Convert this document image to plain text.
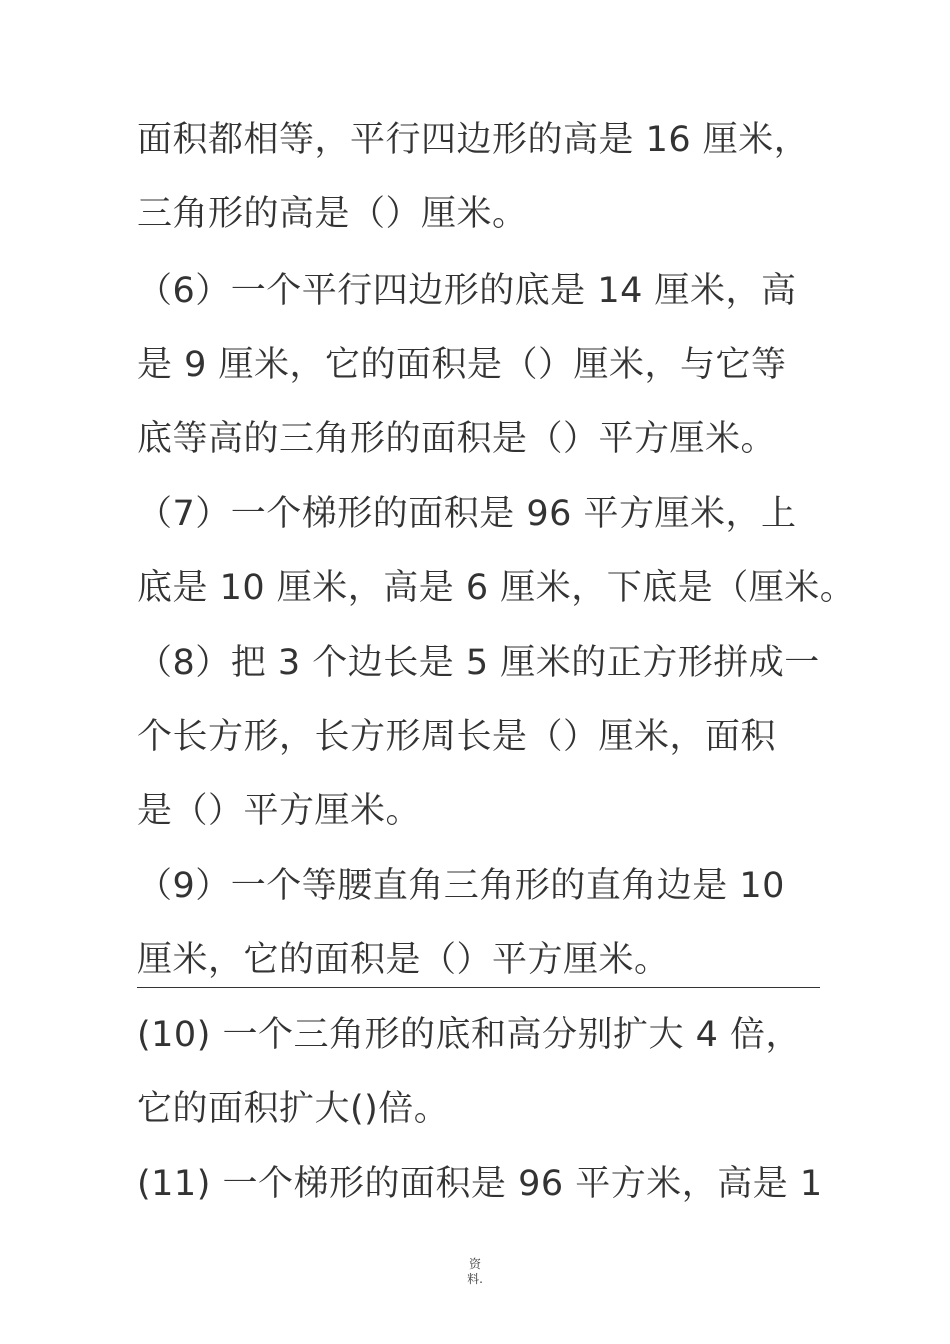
面积都相等，平行四边形的高是 16 厘米，
三角形的高是（）厘米。
（6）一个平行四边形的底是 14 厘米，高
是 9 厘米，它的面积是（）厘米，与它等
底等高的三角形的面积是（）平方厘米。
（7）一个梯形的面积是 96 平方厘米，上
底是 10 厘米，高是 6 厘米，下底是（厘米。
（8）把 3 个边长是 5 厘米的正方形拼成一
个长方形，长方形周长是（）厘米，面积
是（）平方厘米。
（9）一个等腰直角三角形的直角边是 10
厘米，它的面积是（）平方厘米。
(10) 一个三角形的底和高分别扩大 4 倍，
它的面积扩大()倍。
(11) 一个梯形的面积是 96 平方米，高是 1
资
料.
